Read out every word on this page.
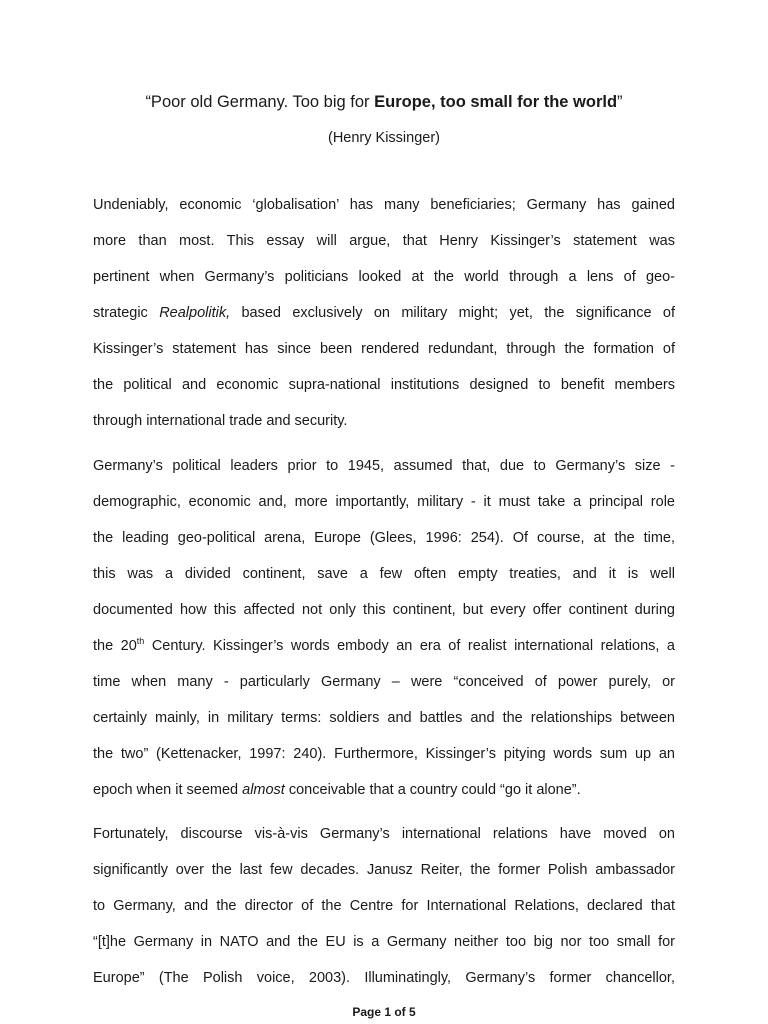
“Poor old Germany. Too big for Europe, too small for the world”
(Henry Kissinger)
Undeniably, economic ‘globalisation’ has many beneficiaries; Germany has gained
more than most. This essay will argue, that Henry Kissinger’s statement was
pertinent when Germany’s politicians looked at the world through a lens of geo-
strategic Realpolitik, based exclusively on military might; yet, the significance of
Kissinger’s statement has since been rendered redundant, through the formation of
the political and economic supra-national institutions designed to benefit members
through international trade and security.
Germany’s political leaders prior to 1945, assumed that, due to Germany’s size -
demographic, economic and, more importantly, military - it must take a principal role
the leading geo-political arena, Europe (Glees, 1996: 254). Of course, at the time,
this was a divided continent, save a few often empty treaties, and it is well
documented how this affected not only this continent, but every offer continent during
the 20th Century. Kissinger’s words embody an era of realist international relations, a
time when many - particularly Germany – were “conceived of power purely, or
certainly mainly, in military terms: soldiers and battles and the relationships between
the two” (Kettenacker, 1997: 240). Furthermore, Kissinger’s pitying words sum up an
epoch when it seemed almost conceivable that a country could “go it alone”.
Fortunately, discourse vis-à-vis Germany’s international relations have moved on
significantly over the last few decades. Janusz Reiter, the former Polish ambassador
to Germany, and the director of the Centre for International Relations, declared that
“[t]he Germany in NATO and the EU is a Germany neither too big nor too small for
Europe” (The Polish voice, 2003). Illuminatingly, Germany’s former chancellor,
Page 1 of 5
